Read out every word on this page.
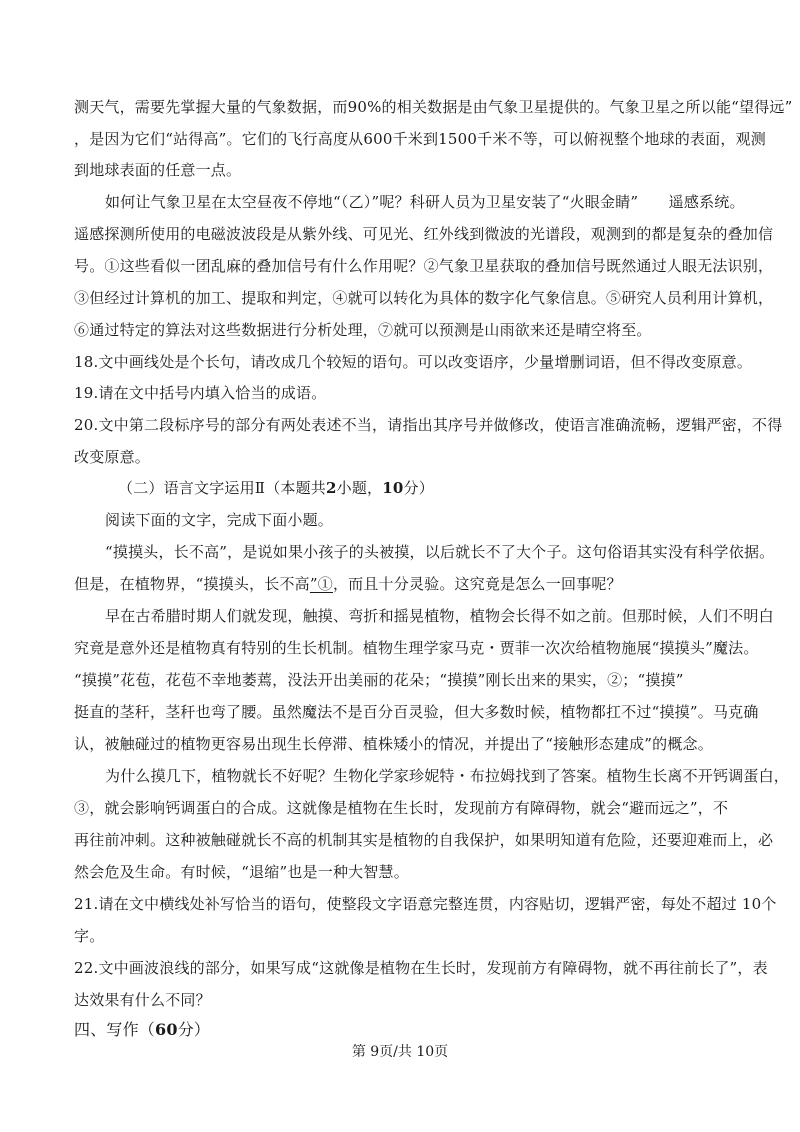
测天气，需要先掌握大量的气象数据，而90%的相关数据是由气象卫星提供的。气象卫星之所以能“望得远”
，是因为它们“站得高”。它们的飞行高度从600千米到1500千米不等，可以俯视整个地球的表面，观测
到地球表面的任意一点。
如何让气象卫星在太空昼夜不停地“（乙）”呢？科研人员为卫星安装了“火眼金睛”　　遥感系统。
遥感探测所使用的电磁波波段是从紫外线、可见光、红外线到微波的光谱段，观测到的都是复杂的叠加信
号。①这些看似一团乱麻的叠加信号有什么作用呢？②气象卫星获取的叠加信号既然通过人眼无法识别，
③但经过计算机的加工、提取和判定，④就可以转化为具体的数字化气象信息。⑤研究人员利用计算机，
⑥通过特定的算法对这些数据进行分析处理，⑦就可以预测是山雨欲来还是晴空将至。
18.文中画线处是个长句，请改成几个较短的语句。可以改变语序，少量增删词语，但不得改变原意。
19.请在文中括号内填入恰当的成语。
20.文中第二段标序号的部分有两处表述不当，请指出其序号并做修改，使语言准确流畅，逻辑严密，不得
改变原意。
（二）语言文字运用Ⅱ（本题共2小题，10分）
阅读下面的文字，完成下面小题。
“摸摸头，长不高”，是说如果小孩子的头被摸，以后就长不了大个子。这句俗语其实没有科学依据。
但是，在植物界，“摸摸头，长不高”①，而且十分灵验。这究竟是怎么一回事呢？
早在古希腊时期人们就发现，触摸、弯折和摇晃植物，植物会长得不如之前。但那时候，人们不明白
究竟是意外还是植物真有特别的生长机制。植物生理学家马克・贾菲一次次给植物施展“摸摸头”魔法。
“摸摸”花苞，花苞不幸地萎蔫，没法开出美丽的花朵；“摸摸”刚长出来的果实，②；“摸摸”
挺直的茎秆，茎秆也弯了腰。虽然魔法不是百分百灵验，但大多数时候，植物都扛不过“摸摸”。马克确
认，被触碰过的植物更容易出现生长停滞、植株矮小的情况，并提出了“接触形态建成”的概念。
为什么摸几下，植物就长不好呢？生物化学家珍妮特・布拉姆找到了答案。植物生长离不开钙调蛋白，
③，就会影响钙调蛋白的合成。这就像是植物在生长时，发现前方有障碍物，就会“避而远之”，不
再往前冲刺。这种被触碰就长不高的机制其实是植物的自我保护，如果明知道有危险，还要迎难而上，必
然会危及生命。有时候，“退缩”也是一种大智慧。
21.请在文中横线处补写恰当的语句，使整段文字语意完整连贯，内容贴切，逻辑严密，每处不超过 10个
字。
22.文中画波浪线的部分，如果写成“这就像是植物在生长时，发现前方有障碍物，就不再往前长了”，表
达效果有什么不同？
四、写作（60分）
第 9页/共 10页
